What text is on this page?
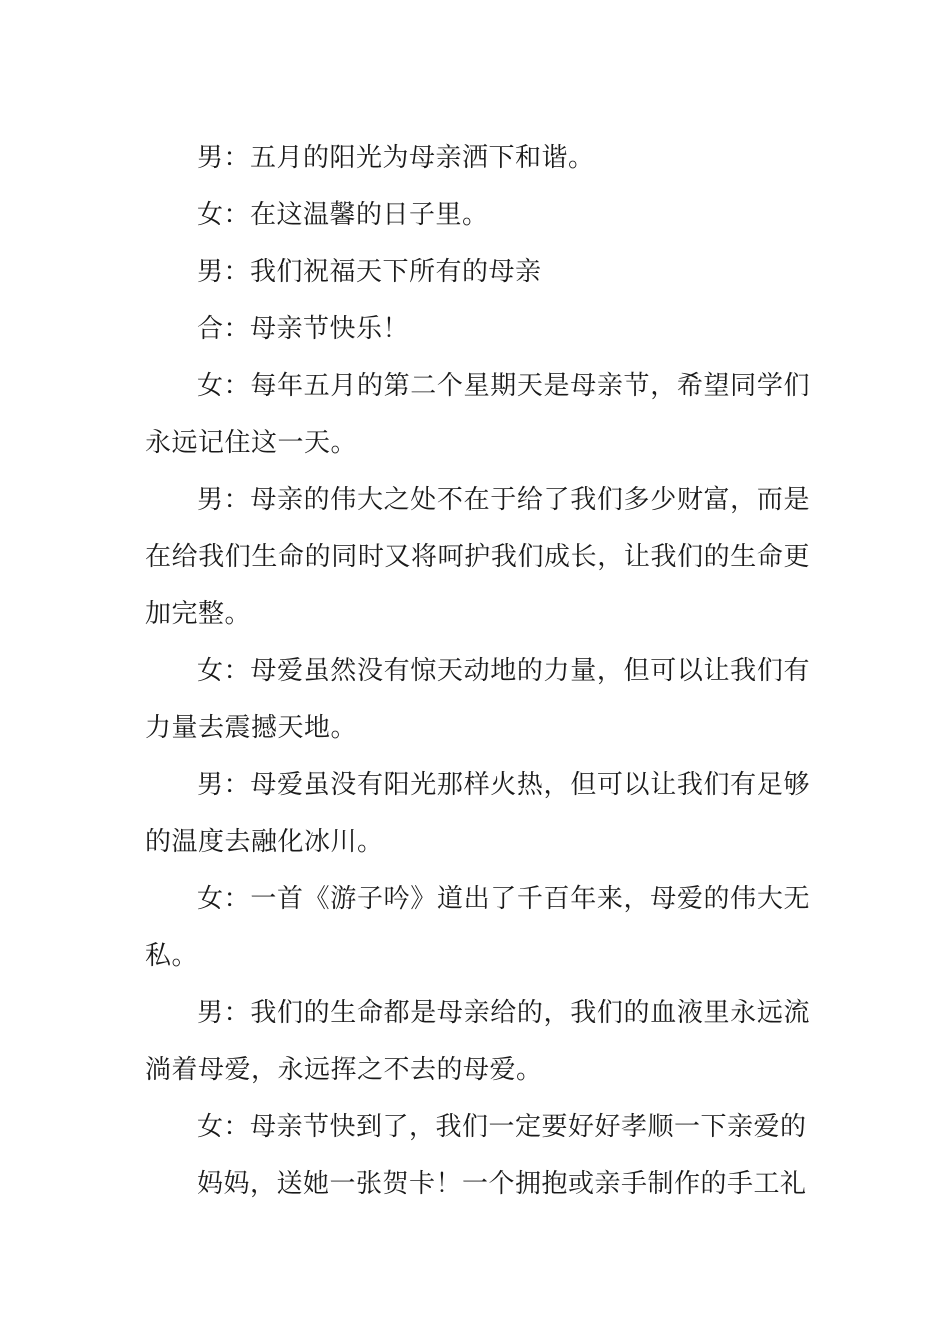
男：五月的阳光为母亲洒下和谐。

女：在这温馨的日子里。

男：我们祝福天下所有的母亲

合：母亲节快乐！

女：每年五月的第二个星期天是母亲节，希望同学们永远记住这一天。

男：母亲的伟大之处不在于给了我们多少财富，而是在给我们生命的同时又将呵护我们成长，让我们的生命更加完整。

女：母爱虽然没有惊天动地的力量，但可以让我们有力量去震撼天地。

男：母爱虽没有阳光那样火热，但可以让我们有足够的温度去融化冰川。

女：一首《游子吟》道出了千百年来，母爱的伟大无私。

男：我们的生命都是母亲给的，我们的血液里永远流淌着母爱，永远挥之不去的母爱。

女：母亲节快到了，我们一定要好好孝顺一下亲爱的

妈妈，送她一张贺卡！一个拥抱或亲手制作的手工礼
